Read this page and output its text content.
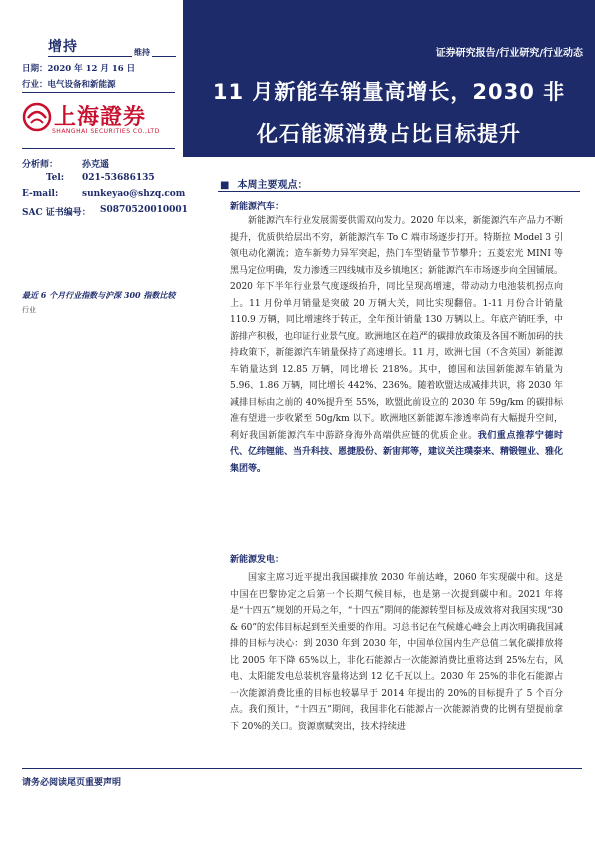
增持	维持
日期：2020 年 12 月 16 日
行业：电气设备和新能源
上海證券
SHANGHAI SECURITIES CO.,LTD
分析师：	孙克遥
Tel: 021-53686135
E-mail:	sunkeyao@shzq.com
SAC 证书编号： S0870520010001
最近 6 个月行业指数与沪深 300 指数比较
行业
证券研究报告/行业研究/行业动态
11 月新能车销量高增长，2030 非
化石能源消费占比目标提升
■ 本周主要观点：
新能源汽车：

新能源汽车行业发展需要供需双向发力。2020 年以来，新能源汽车产品力不断提升，优质供给层出不穷，新能源汽车 To C 端市场逐步打开。特斯拉 Model 3 引领电动化潮流；造车新势力异军突起，热门车型销量节节攀升；五菱宏光 MINI 等黑马定位明确，发力渗透三四线城市及乡镇地区；新能源汽车市场逐步向全国铺展。2020 年下半年行业景气度逐级抬升，同比呈现高增速，带动动力电池装机拐点向上。11 月份单月销量是突破 20 万辆大关，同比实现翻倍。1-11 月份合计销量 110.9 万辆，同比增速终于转正，全年预计销量 130 万辆以上。年底产销旺季，中游排产积极，也印证行业景气度。欧洲地区在趋严的碳排放政策及各国不断加码的扶持政策下，新能源汽车销量保持了高速增长。11 月，欧洲七国（不含英国）新能源车销量达到 12.85 万辆，同比增长 218%。其中，德国和法国新能源车销量为 5.96、1.86 万辆，同比增长 442%、236%。随着欧盟达成减排共识，将 2030 年减排目标由之前的 40%提升至 55%，欧盟此前设立的 2030 年 59g/km 的碳排标准有望进一步收紧至 50g/km 以下。欧洲地区新能源车渗透率尚有大幅提升空间，利好我国新能源汽车中游跻身海外高端供应链的优质企业。我们重点推荐宁德时代、亿纬锂能、当升科技、恩捷股份、新宙邦等，建议关注璞泰来、精锻锂业、雅化集团等。

新能源发电：

国家主席习近平提出我国碳排放 2030 年前达峰，2060 年实现碳中和。这是中国在巴黎协定之后第一个长期气候目标，也是第一次提到碳中和。2021 年将是“十四五”规划的开局之年，“十四五”期间的能源转型目标及成效将对我国实现“30 & 60”的宏伟目标起到至关重要的作用。习总书记在气候雄心峰会上再次明确我国减排的目标与决心：到 2030 年到 2030 年，中国单位国内生产总值二氧化碳排放将比 2005 年下降 65%以上，非化石能源占一次能源消费比重将达到 25%左右，风电、太阳能发电总装机容量将达到 12 亿千瓦以上。2030 年 25%的非化石能源占一次能源消费比重的目标也较暴早于 2014 年提出的 20%的目标提升了 5 个百分点。我们预计，“十四五”期间，我国非化石能源占一次能源消费的比例有望提前拿下 20%的关口。资源禀赋突出，技术持续进

请务必阅读尾页重要声明
